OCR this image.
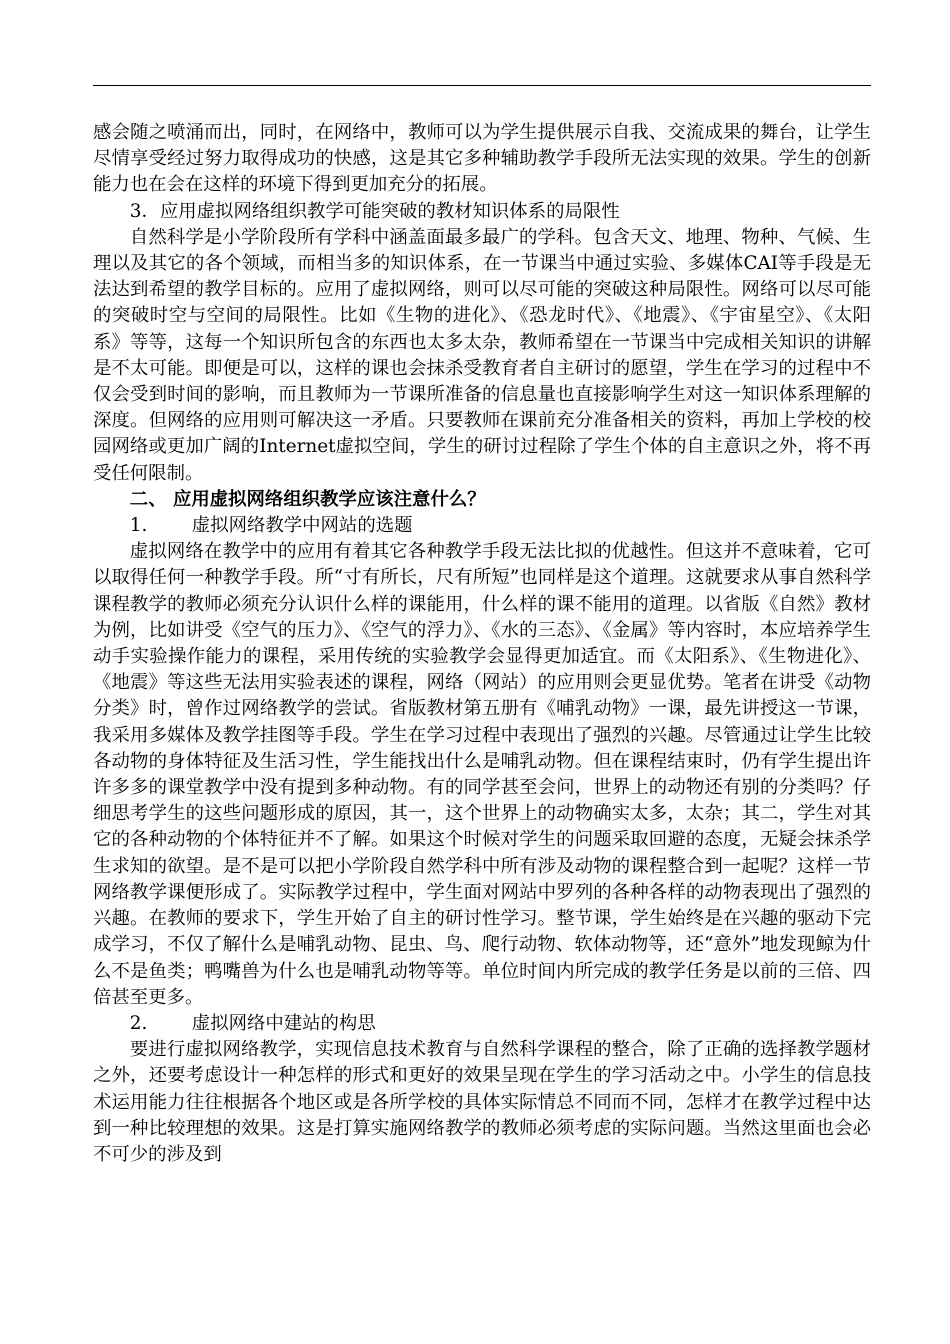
感会随之喷涌而出，同时，在网络中，教师可以为学生提供展示自我、交流成果的舞台，让学生尽情享受经过努力取得成功的快感，这是其它多种辅助教学手段所无法实现的效果。学生的创新能力也在会在这样的环境下得到更加充分的拓展。

3．应用虚拟网络组织教学可能突破的教材知识体系的局限性

自然科学是小学阶段所有学科中涵盖面最多最广的学科。包含天文、地理、物种、气候、生理以及其它的各个领域，而相当多的知识体系，在一节课当中通过实验、多媒体CAI等手段是无法达到希望的教学目标的。应用了虚拟网络，则可以尽可能的突破这种局限性。网络可以尽可能的突破时空与空间的局限性。比如《生物的进化》、《恐龙时代》、《地震》、《宇宙星空》、《太阳系》等等，这每一个知识所包含的东西也太多太杂，教师希望在一节课当中完成相关知识的讲解是不太可能。即便是可以，这样的课也会抹杀受教育者自主研讨的愿望，学生在学习的过程中不仅会受到时间的影响，而且教师为一节课所准备的信息量也直接影响学生对这一知识体系理解的深度。但网络的应用则可解决这一矛盾。只要教师在课前充分准备相关的资料，再加上学校的校园网络或更加广阔的Internet虚拟空间，学生的研讨过程除了学生个体的自主意识之外，将不再受任何限制。

二、 应用虚拟网络组织教学应该注意什么？

1. 虚拟网络教学中网站的选题

虚拟网络在教学中的应用有着其它各种教学手段无法比拟的优越性。但这并不意味着，它可以取得任何一种教学手段。所“寸有所长，尺有所短”也同样是这个道理。这就要求从事自然科学课程教学的教师必须充分认识什么样的课能用，什么样的课不能用的道理。以省版《自然》教材为例，比如讲受《空气的压力》、《空气的浮力》、《水的三态》、《金属》等内容时，本应培养学生动手实验操作能力的课程，采用传统的实验教学会显得更加适宜。而《太阳系》、《生物进化》、《地震》等这些无法用实验表述的课程，网络（网站）的应用则会更显优势。笔者在讲受《动物分类》时，曾作过网络教学的尝试。省版教材第五册有《哺乳动物》一课，最先讲授这一节课，我采用多媒体及教学挂图等手段。学生在学习过程中表现出了强烈的兴趣。尽管通过让学生比较各动物的身体特征及生活习性，学生能找出什么是哺乳动物。但在课程结束时，仍有学生提出许许多多的课堂教学中没有提到多种动物。有的同学甚至会问，世界上的动物还有别的分类吗？仔细思考学生的这些问题形成的原因，其一，这个世界上的动物确实太多，太杂；其二，学生对其它的各种动物的个体特征并不了解。如果这个时候对学生的问题采取回避的态度，无疑会抹杀学生求知的欲望。是不是可以把小学阶段自然学科中所有涉及动物的课程整合到一起呢？这样一节网络教学课便形成了。实际教学过程中，学生面对网站中罗列的各种各样的动物表现出了强烈的兴趣。在教师的要求下，学生开始了自主的研讨性学习。整节课，学生始终是在兴趣的驱动下完成学习，不仅了解什么是哺乳动物、昆虫、鸟、爬行动物、软体动物等，还“意外”地发现鲸为什么不是鱼类；鸭嘴兽为什么也是哺乳动物等等。单位时间内所完成的教学任务是以前的三倍、四倍甚至更多。

2. 虚拟网络中建站的构思

要进行虚拟网络教学，实现信息技术教育与自然科学课程的整合，除了正确的选择教学题材之外，还要考虑设计一种怎样的形式和更好的效果呈现在学生的学习活动之中。小学生的信息技术运用能力往往根据各个地区或是各所学校的具体实际情总不同而不同，怎样才在教学过程中达到一种比较理想的效果。这是打算实施网络教学的教师必须考虑的实际问题。当然这里面也会必不可少的涉及到
